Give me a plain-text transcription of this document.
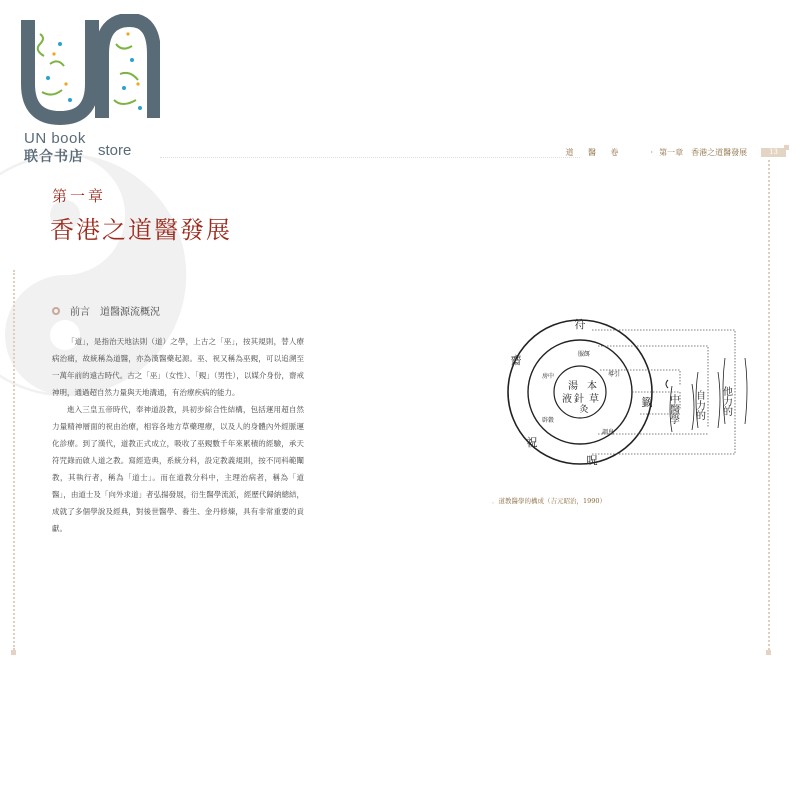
UN book
store
联合书店	道 醫 卷	· 第一章　香港之道醫發展	13
第一章
香港之道醫發展
前言 道醫源流概況

「道」，是指治天地法則（道）之學，上古之「巫」，按其規則，替人療病治痛，故統稱為道醫，亦為漢醫藥起源。巫、祝又稱為巫覡，可以追溯至一萬年前的遠古時代。古之「巫」（女性）、「覡」（男性），以媒介身份，齋戒神明，通過超自然力量與天地溝通，有治療疾病的能力。

進入三皇五帝時代，奉神道設教，具初步綜合性結構，包括運用超自然力量精神層面的祝由治療，相容各地方草藥理療，以及人的身體內外經脈運化診療。到了漢代，道教正式成立，吸收了巫覡數千年來累積的經驗，承天符咒錄而啟人道之教。寫經造典，系統分科，設定教義規則，按不同科範闡教，其執行者，稱為「道士」。而在道教分科中，主理治病者，稱為「道醫」，由道士及「向外求道」者弘揚發展，衍生醫學流派，經歷代歸納總結，成就了多個學說及經典，對後世醫學、養生、金丹修煉，具有非常重要的貢獻。

符
齋
籤
祝
呪
服餌
房中
辟穀
導引
調息
湯 本
針 草
液
灸	中醫學 自力的 他力的
．道教醫學的構成（吉元昭治，1990）
